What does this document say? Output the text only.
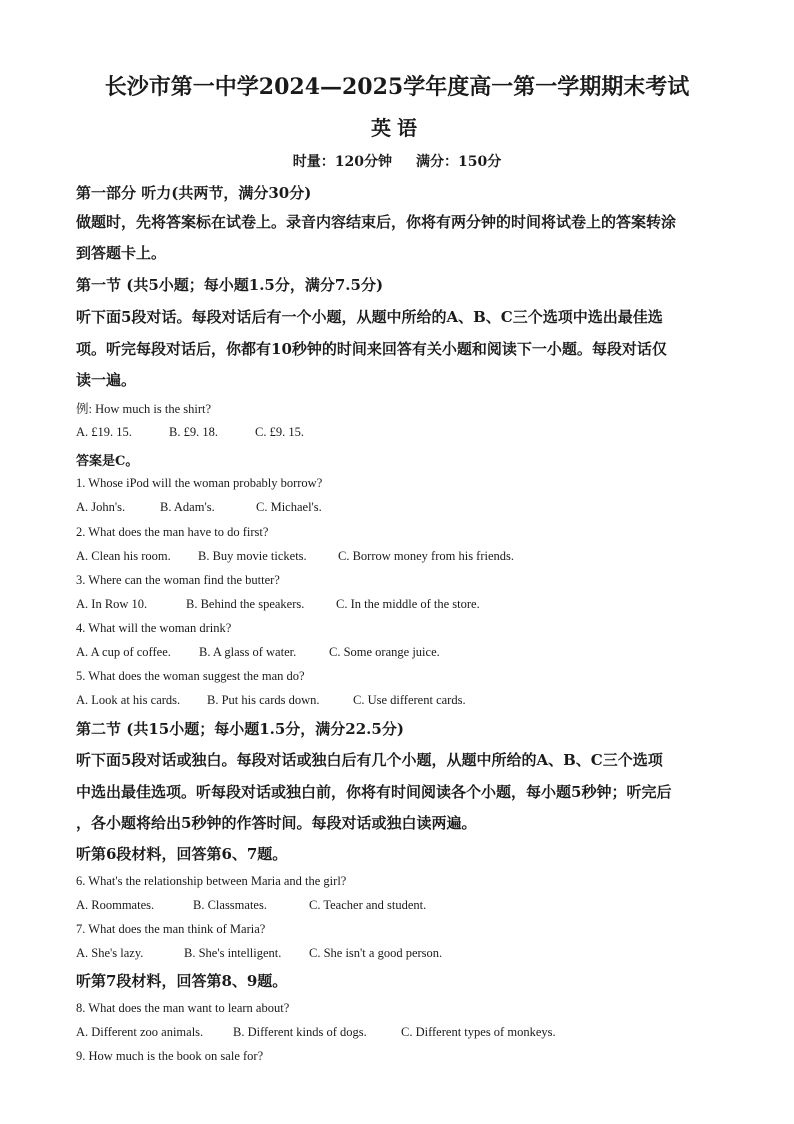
长沙市第一中学2024—2025学年度高一第一学期期末考试
英语
时量：120分钟 满分：150分
第一部分 听力(共两节，满分30分)
做题时，先将答案标在试卷上。录音内容结束后，你将有两分钟的时间将试卷上的答案转涂
到答题卡上。
第一节 (共5小题；每小题1.5分，满分7.5分)
听下面5段对话。每段对话后有一个小题，从题中所给的A、B、C三个选项中选出最佳选
项。听完每段对话后，你都有10秒钟的时间来回答有关小题和阅读下一小题。每段对话仅
读一遍。
例: How much is the shirt?
A. £19. 15.	B. £9. 18.	C. £9. 15.
答案是C。
1. Whose iPod will the woman probably borrow?
A. John's.	B. Adam's.	C. Michael's.
2. What does the man have to do first?
A. Clean his room. B. Buy movie tickets.	C. Borrow money from his friends.
3. Where can the woman find the butter?
A. In Row 10.	B. Behind the speakers.	C. In the middle of the store.
4. What will the woman drink?
A. A cup of coffee. B. A glass of water.	C. Some orange juice.
5. What does the woman suggest the man do?
A. Look at his cards. B. Put his cards down.	C. Use different cards.
第二节 (共15小题；每小题1.5分，满分22.5分)
听下面5段对话或独白。每段对话或独白后有几个小题，从题中所给的A、B、C三个选项
中选出最佳选项。听每段对话或独白前，你将有时间阅读各个小题，每小题5秒钟；听完后
，各小题将给出5秒钟的作答时间。每段对话或独白读两遍。
听第6段材料，回答第6、7题。
6. What's the relationship between Maria and the girl?
A. Roommates.	B. Classmates.	C. Teacher and student.
7. What does the man think of Maria?
A. She's lazy.	B. She's intelligent. C. She isn't a good person.
听第7段材料，回答第8、9题。
8. What does the man want to learn about?
A. Different zoo animals. B. Different kinds of dogs.	C. Different types of monkeys.
9. How much is the book on sale for?
